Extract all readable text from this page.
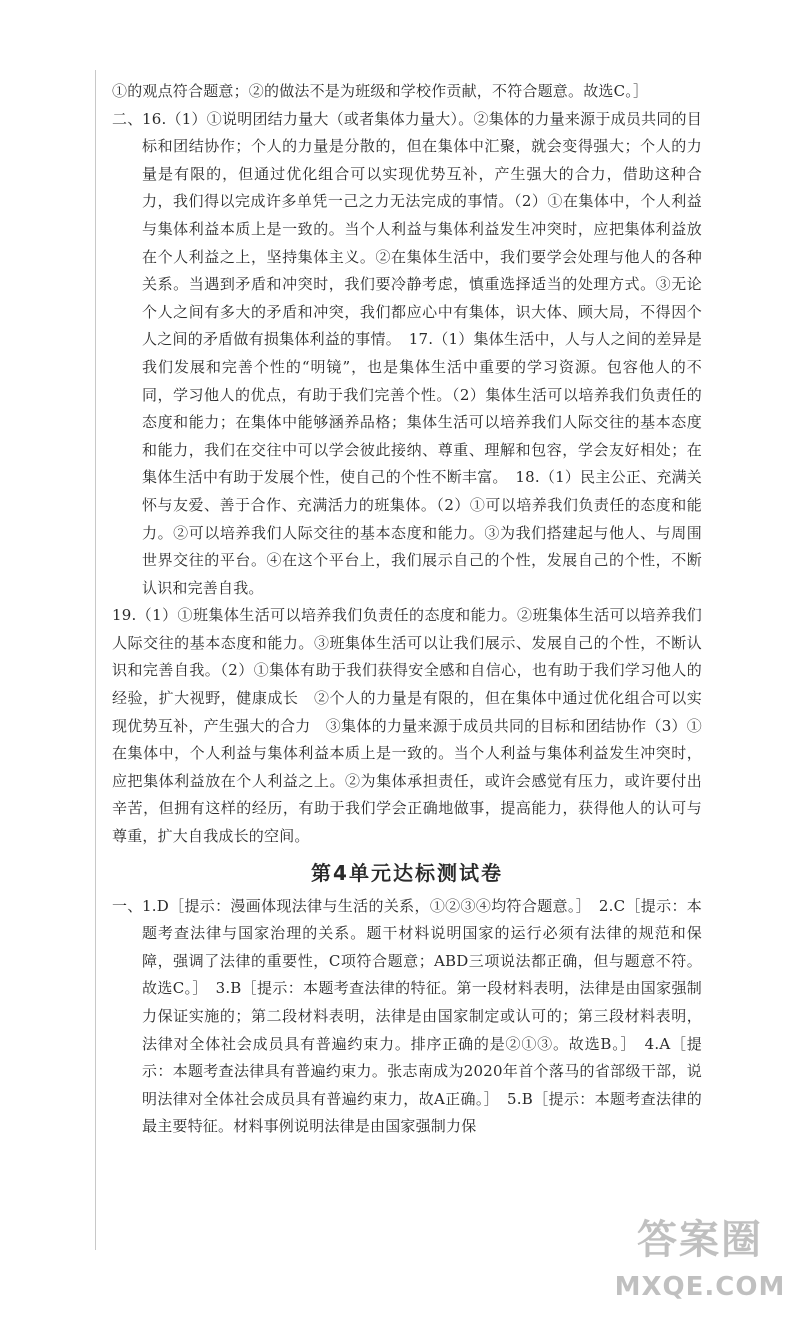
①的观点符合题意；②的做法不是为班级和学校作贡献，不符合题意。故选C。］

二、16.（1）①说明团结力量大（或者集体力量大）。②集体的力量来源于成员共同的目标和团结协作；个人的力量是分散的，但在集体中汇聚，就会变得强大；个人的力量是有限的，但通过优化组合可以实现优势互补，产生强大的合力，借助这种合力，我们得以完成许多单凭一己之力无法完成的事情。（2）①在集体中，个人利益与集体利益本质上是一致的。当个人利益与集体利益发生冲突时，应把集体利益放在个人利益之上，坚持集体主义。②在集体生活中，我们要学会处理与他人的各种关系。当遇到矛盾和冲突时，我们要冷静考虑，慎重选择适当的处理方式。③无论个人之间有多大的矛盾和冲突，我们都应心中有集体，识大体、顾大局，不得因个人之间的矛盾做有损集体利益的事情。　17.（1）集体生活中，人与人之间的差异是我们发展和完善个性的“明镜”，也是集体生活中重要的学习资源。包容他人的不同，学习他人的优点，有助于我们完善个性。（2）集体生活可以培养我们负责任的态度和能力；在集体中能够涵养品格；集体生活可以培养我们人际交往的基本态度和能力，我们在交往中可以学会彼此接纳、尊重、理解和包容，学会友好相处；在集体生活中有助于发展个性，使自己的个性不断丰富。　18.（1）民主公正、充满关怀与友爱、善于合作、充满活力的班集体。（2）①可以培养我们负责任的态度和能力。②可以培养我们人际交往的基本态度和能力。③为我们搭建起与他人、与周围世界交往的平台。④在这个平台上，我们展示自己的个性，发展自己的个性，不断认识和完善自我。

19.（1）①班集体生活可以培养我们负责任的态度和能力。②班集体生活可以培养我们人际交往的基本态度和能力。③班集体生活可以让我们展示、发展自己的个性，不断认识和完善自我。（2）①集体有助于我们获得安全感和自信心，也有助于我们学习他人的经验，扩大视野，健康成长　②个人的力量是有限的，但在集体中通过优化组合可以实现优势互补，产生强大的合力　③集体的力量来源于成员共同的目标和团结协作（3）①在集体中，个人利益与集体利益本质上是一致的。当个人利益与集体利益发生冲突时，应把集体利益放在个人利益之上。②为集体承担责任，或许会感觉有压力，或许要付出辛苦，但拥有这样的经历，有助于我们学会正确地做事，提高能力，获得他人的认可与尊重，扩大自我成长的空间。

第4单元达标测试卷

一、1.D［提示：漫画体现法律与生活的关系，①②③④均符合题意。］　2.C［提示：本题考查法律与国家治理的关系。题干材料说明国家的运行必须有法律的规范和保障，强调了法律的重要性，C项符合题意；ABD三项说法都正确，但与题意不符。故选C。］　3.B［提示：本题考查法律的特征。第一段材料表明，法律是由国家强制力保证实施的；第二段材料表明，法律是由国家制定或认可的；第三段材料表明，法律对全体社会成员具有普遍约束力。排序正确的是②①③。故选B。］　4.A［提示：本题考查法律具有普遍约束力。张志南成为2020年首个落马的省部级干部，说明法律对全体社会成员具有普遍约束力，故A正确。］　5.B［提示：本题考查法律的最主要特征。材料事例说明法律是由国家强制力保

答案圈
MXQE.COM
